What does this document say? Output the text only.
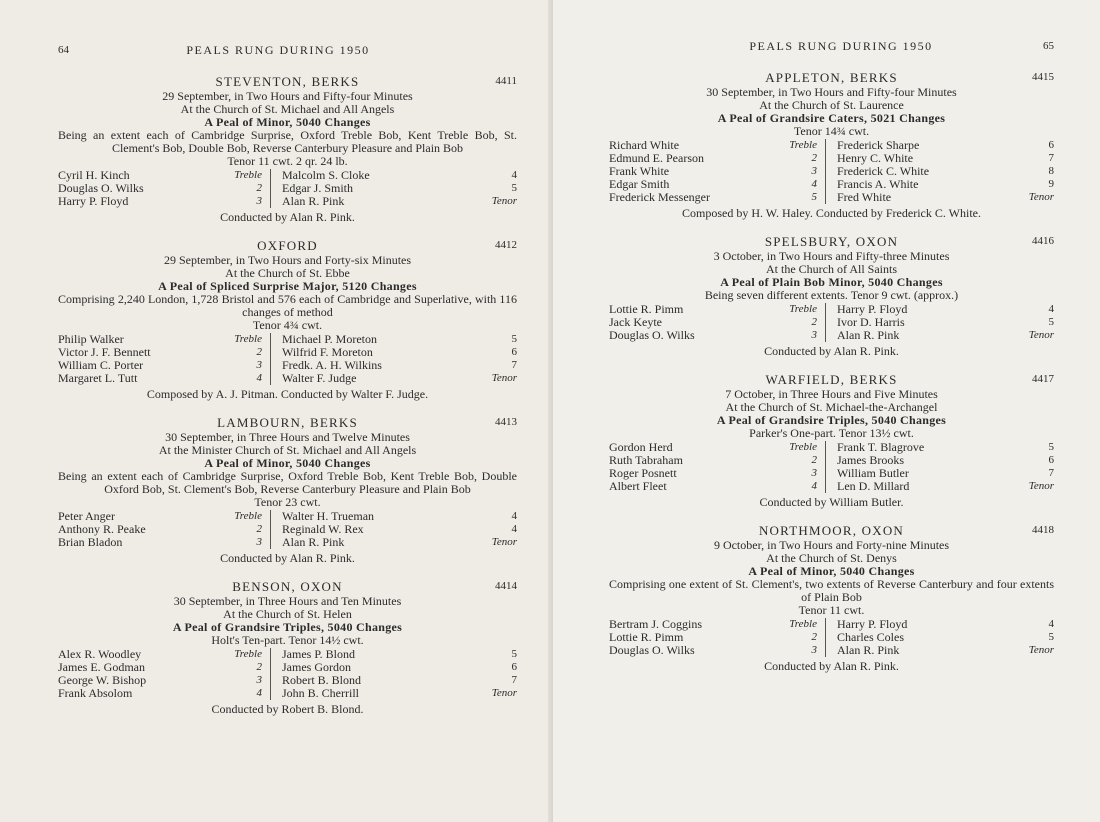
64	PEALS RUNG DURING 1950
STEVENTON, BERKS	4411
29 September, in Two Hours and Fifty-four Minutes
At the Church of St. Michael and All Angels
A Peal of Minor, 5040 Changes
Being an extent each of Cambridge Surprise, Oxford Treble Bob, Kent Treble Bob, St. Clement's Bob, Double Bob, Reverse Canterbury Pleasure and Plain Bob
Tenor 11 cwt. 2 qr. 24 lb.
Cyril H. Kinch	Treble	Malcolm S. Cloke	4
Douglas O. Wilks	2	Edgar J. Smith	5
Harry P. Floyd	3	Alan R. Pink	Tenor
Conducted by Alan R. Pink.
OXFORD	4412
29 September, in Two Hours and Forty-six Minutes
At the Church of St. Ebbe
A Peal of Spliced Surprise Major, 5120 Changes
Comprising 2,240 London, 1,728 Bristol and 576 each of Cambridge and Superlative, with 116 changes of method
Tenor 4¾ cwt.
Philip Walker	Treble	Michael P. Moreton	5
Victor J. F. Bennett	2	Wilfrid F. Moreton	6
William C. Porter	3	Fredk. A. H. Wilkins	7
Margaret L. Tutt	4	Walter F. Judge	Tenor
Composed by A. J. Pitman. Conducted by Walter F. Judge.
LAMBOURN, BERKS	4413
30 September, in Three Hours and Twelve Minutes
At the Minister Church of St. Michael and All Angels
A Peal of Minor, 5040 Changes
Being an extent each of Cambridge Surprise, Oxford Treble Bob, Kent Treble Bob, Double Oxford Bob, St. Clement's Bob, Reverse Canterbury Pleasure and Plain Bob
Tenor 23 cwt.
Peter Anger	Treble	Walter H. Trueman	4
Anthony R. Peake	2	Reginald W. Rex	4
Brian Bladon	3	Alan R. Pink	Tenor
Conducted by Alan R. Pink.
BENSON, OXON	4414
30 September, in Three Hours and Ten Minutes
At the Church of St. Helen
A Peal of Grandsire Triples, 5040 Changes
Holt's Ten-part. Tenor 14½ cwt.
Alex R. Woodley	Treble	James P. Blond	5
James E. Godman	2	James Gordon	6
George W. Bishop	3	Robert B. Blond	7
Frank Absolom	4	John B. Cherrill	Tenor
Conducted by Robert B. Blond.
PEALS RUNG DURING 1950	65
APPLETON, BERKS	4415
30 September, in Two Hours and Fifty-four Minutes
At the Church of St. Laurence
A Peal of Grandsire Caters, 5021 Changes
Tenor 14¾ cwt.
Richard White	Treble	Frederick Sharpe	6
Edmund E. Pearson	2	Henry C. White	7
Frank White	3	Frederick C. White	8
Edgar Smith	4	Francis A. White	9
Frederick Messenger	5	Fred White	Tenor
Composed by H. W. Haley. Conducted by Frederick C. White.
SPELSBURY, OXON	4416
3 October, in Two Hours and Fifty-three Minutes
At the Church of All Saints
A Peal of Plain Bob Minor, 5040 Changes
Being seven different extents. Tenor 9 cwt. (approx.)
Lottie R. Pimm	Treble	Harry P. Floyd	4
Jack Keyte	2	Ivor D. Harris	5
Douglas O. Wilks	3	Alan R. Pink	Tenor
Conducted by Alan R. Pink.
WARFIELD, BERKS	4417
7 October, in Three Hours and Five Minutes
At the Church of St. Michael-the-Archangel
A Peal of Grandsire Triples, 5040 Changes
Parker's One-part. Tenor 13½ cwt.
Gordon Herd	Treble	Frank T. Blagrove	5
Ruth Tabraham	2	James Brooks	6
Roger Posnett	3	William Butler	7
Albert Fleet	4	Len D. Millard	Tenor
Conducted by William Butler.
NORTHMOOR, OXON	4418
9 October, in Two Hours and Forty-nine Minutes
At the Church of St. Denys
A Peal of Minor, 5040 Changes
Comprising one extent of St. Clement's, two extents of Reverse Canterbury and four extents of Plain Bob
Tenor 11 cwt.
Bertram J. Coggins	Treble	Harry P. Floyd	4
Lottie R. Pimm	2	Charles Coles	5
Douglas O. Wilks	3	Alan R. Pink	Tenor
Conducted by Alan R. Pink.
